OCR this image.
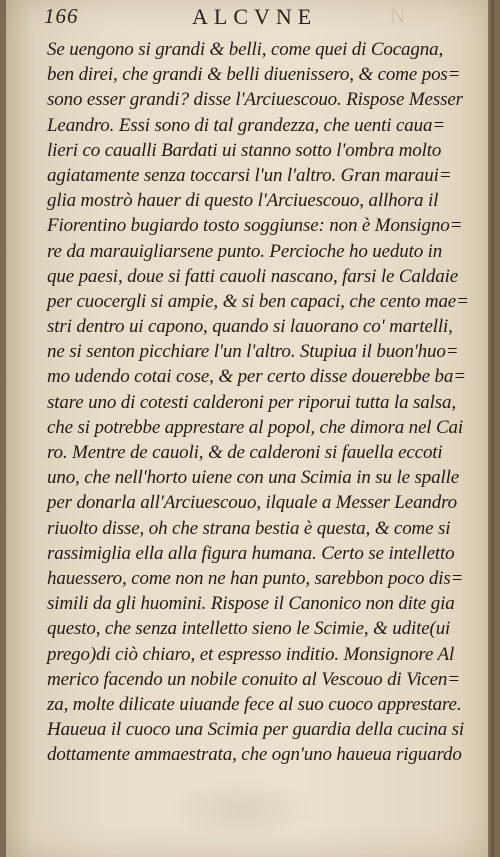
166	ALCVNE	N
Se uengono si grandi & belli, come quei di Cocagna,
ben direi, che grandi & belli diuenissero, & come pos=
sono esser grandi? disse l'Arciuescouo. Rispose Messer
Leandro. Essi sono di tal grandezza, che uenti caua=
lieri co caualli Bardati ui stanno sotto l'ombra molto
agiatamente senza toccarsi l'un l'altro. Gran maraui=
glia mostrò hauer di questo l'Arciuescouo, allhora il
Fiorentino bugiardo tosto soggiunse: non è Monsigno=
re da marauigliarsene punto. Percioche ho ueduto in
que paesi, doue si fatti cauoli nascano, farsi le Caldaie
per cuocergli si ampie, & si ben capaci, che cento mae=
stri dentro ui capono, quando si lauorano co' martelli,
ne si senton picchiare l'un l'altro. Stupiua il buon'huo=
mo udendo cotai cose, & per certo disse douerebbe ba=
stare uno di cotesti calderoni per riporui tutta la salsa,
che si potrebbe apprestare al popol, che dimora nel Cai
ro. Mentre de cauoli, & de calderoni si fauella eccoti
uno, che nell'horto uiene con una Scimia in su le spalle
per donarla all'Arciuescouo, ilquale a Messer Leandro
riuolto disse, oh che strana bestia è questa, & come si
rassimiglia ella alla figura humana. Certo se intelletto
hauessero, come non ne han punto, sarebbon poco dis=
simili da gli huomini. Rispose il Canonico non dite gia
questo, che senza intelletto sieno le Scimie, & udite(ui
prego)di ciò chiaro, et espresso inditio. Monsignore Al
merico facendo un nobile conuito al Vescouo di Vicen=
za, molte dilicate uiuande fece al suo cuoco apprestare.
Haueua il cuoco una Scimia per guardia della cucina si
dottamente ammaestrata, che ogn'uno haueua riguardo
